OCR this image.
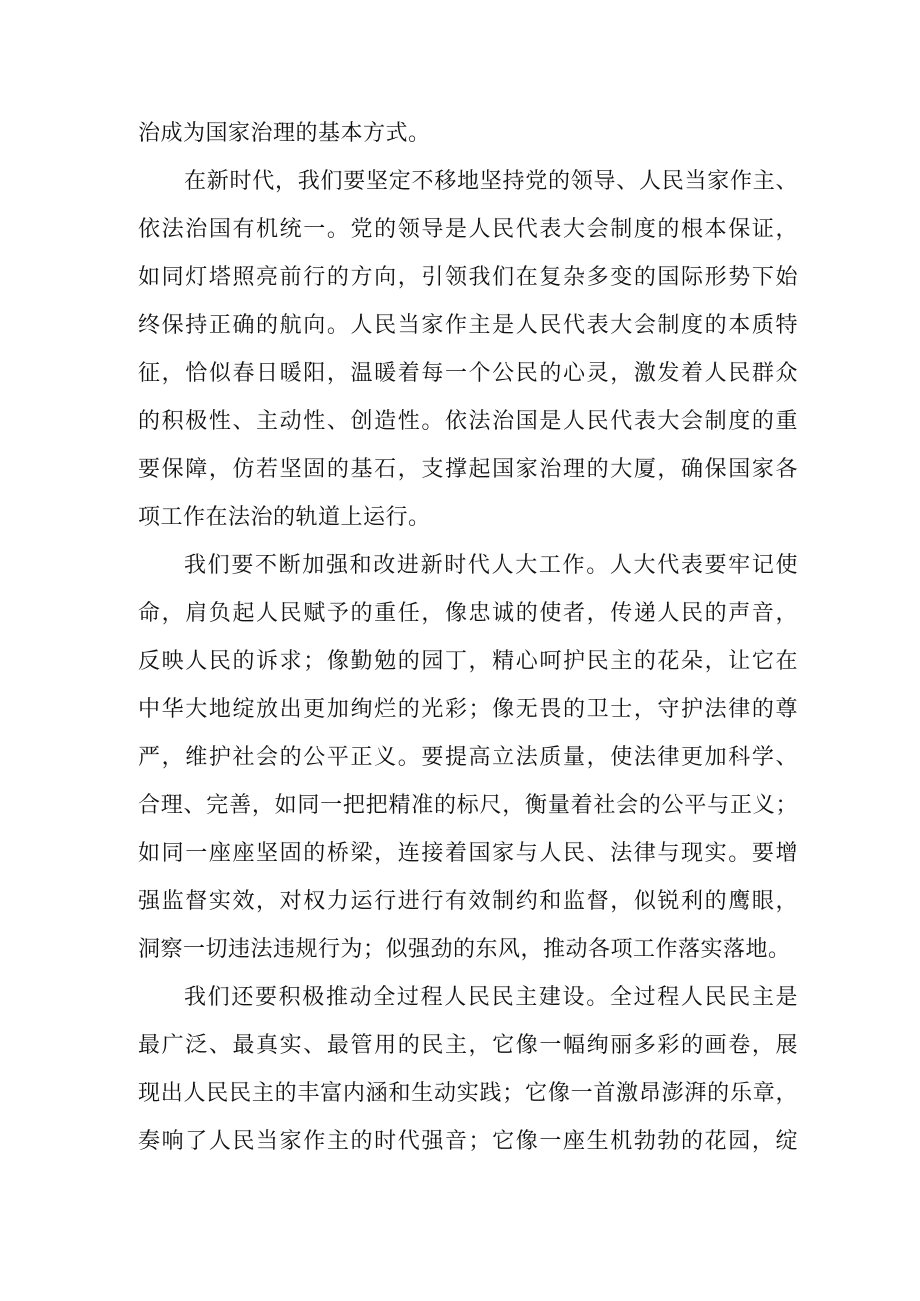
治成为国家治理的基本方式。
在新时代，我们要坚定不移地坚持党的领导、人民当家作主、
依法治国有机统一。党的领导是人民代表大会制度的根本保证，
如同灯塔照亮前行的方向，引领我们在复杂多变的国际形势下始
终保持正确的航向。人民当家作主是人民代表大会制度的本质特
征，恰似春日暖阳，温暖着每一个公民的心灵，激发着人民群众
的积极性、主动性、创造性。依法治国是人民代表大会制度的重
要保障，仿若坚固的基石，支撑起国家治理的大厦，确保国家各
项工作在法治的轨道上运行。
我们要不断加强和改进新时代人大工作。人大代表要牢记使
命，肩负起人民赋予的重任，像忠诚的使者，传递人民的声音，
反映人民的诉求；像勤勉的园丁，精心呵护民主的花朵，让它在
中华大地绽放出更加绚烂的光彩；像无畏的卫士，守护法律的尊
严，维护社会的公平正义。要提高立法质量，使法律更加科学、
合理、完善，如同一把把精准的标尺，衡量着社会的公平与正义；
如同一座座坚固的桥梁，连接着国家与人民、法律与现实。要增
强监督实效，对权力运行进行有效制约和监督，似锐利的鹰眼，
洞察一切违法违规行为；似强劲的东风，推动各项工作落实落地。
我们还要积极推动全过程人民民主建设。全过程人民民主是
最广泛、最真实、最管用的民主，它像一幅绚丽多彩的画卷，展
现出人民民主的丰富内涵和生动实践；它像一首激昂澎湃的乐章，
奏响了人民当家作主的时代强音；它像一座生机勃勃的花园，绽
